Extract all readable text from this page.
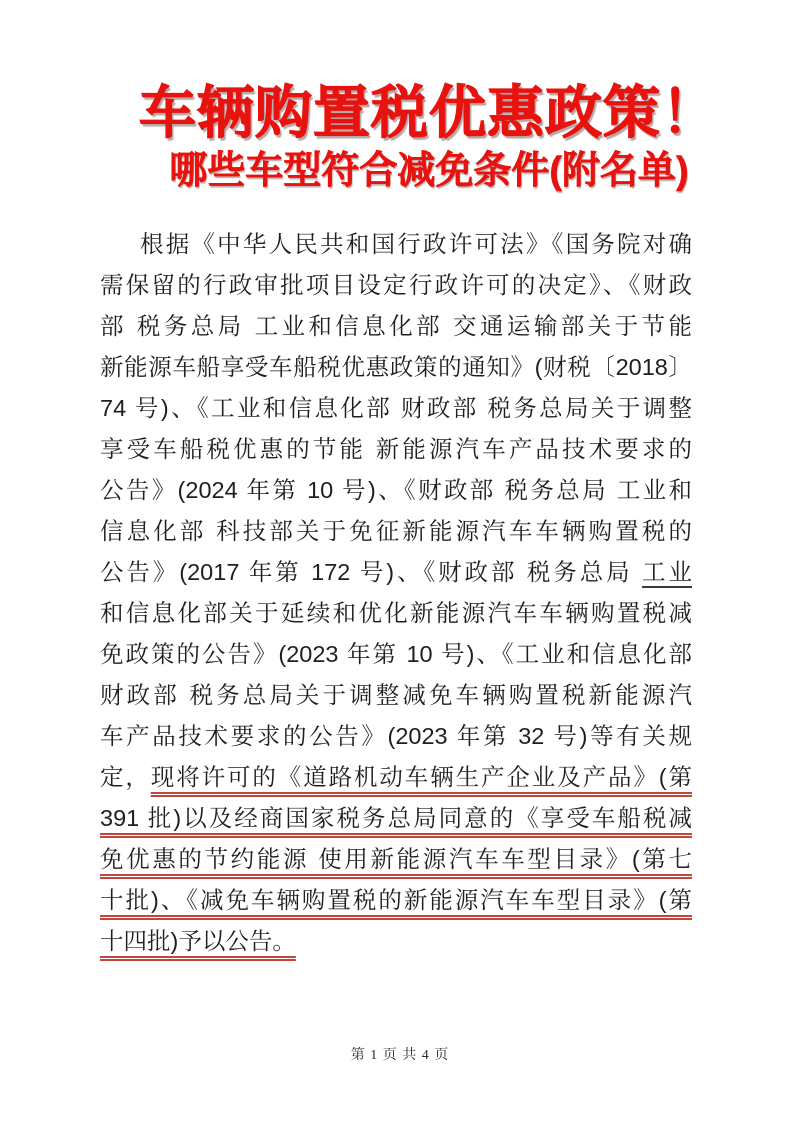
车辆购置税优惠政策！
哪些车型符合减免条件(附名单)
根据《中华人民共和国行政许可法》《国务院对确
需保留的行政审批项目设定行政许可的决定》、《财政
部 税务总局 工业和信息化部 交通运输部关于节能
新能源车船享受车船税优惠政策的通知》(财税〔2018〕
74 号)、《工业和信息化部 财政部 税务总局关于调整
享受车船税优惠的节能 新能源汽车产品技术要求的
公告》(2024 年第 10 号)、《财政部 税务总局 工业和
信息化部 科技部关于免征新能源汽车车辆购置税的
公告》(2017 年第 172 号)、《财政部 税务总局 工业
和信息化部关于延续和优化新能源汽车车辆购置税减
免政策的公告》(2023 年第 10 号)、《工业和信息化部
财政部 税务总局关于调整减免车辆购置税新能源汽
车产品技术要求的公告》(2023 年第 32 号)等有关规
定，现将许可的《道路机动车辆生产企业及产品》(第
391 批)以及经商国家税务总局同意的《享受车船税减
免优惠的节约能源 使用新能源汽车车型目录》(第七
十批)、《减免车辆购置税的新能源汽车车型目录》(第
十四批)予以公告。
第 1 页 共 4 页
